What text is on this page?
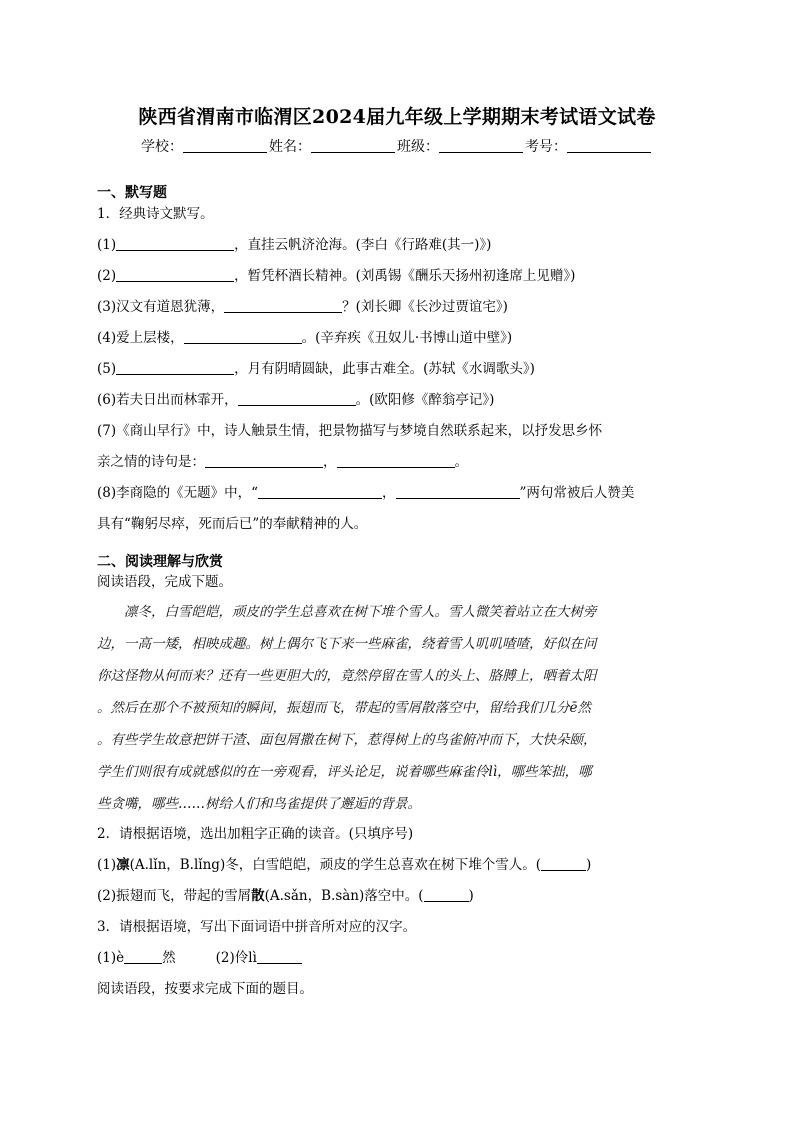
陕西省渭南市临渭区2024届九年级上学期期末考试语文试卷
学校：	姓名：	班级：	考号：
一、默写题
1．经典诗文默写。
(1)	，直挂云帆济沧海。(李白《行路难(其一)》)
(2)	，暂凭杯酒长精神。(刘禹锡《酬乐天扬州初逢席上见赠》)
(3)汉文有道恩犹薄，	？(刘长卿《长沙过贾谊宅》)
(4)爱上层楼，	。(辛弃疾《丑奴儿·书博山道中壁》)
(5)	，月有阴晴圆缺，此事古难全。(苏轼《水调歌头》)
(6)若夫日出而林霏开，	。(欧阳修《醉翁亭记》)
(7)《商山早行》中，诗人触景生情，把景物描写与梦境自然联系起来，以抒发思乡怀
亲之情的诗句是：	，	。
(8)李商隐的《无题》中，“	，	”两句常被后人赞美
具有“鞠躬尽瘁，死而后已”的奉献精神的人。
二、阅读理解与欣赏
阅读语段，完成下题。
　　凛冬，白雪皑皑，顽皮的学生总喜欢在树下堆个雪人。雪人微笑着站立在大树旁
边，一高一矮，相映成趣。树上偶尔飞下来一些麻雀，绕着雪人叽叽喳喳，好似在问
你这怪物从何而来？还有一些更胆大的，竟然停留在雪人的头上、胳膊上，晒着太阳
。然后在那个不被预知的瞬间，振翅而飞，带起的雪屑散落空中，留给我们几分ē然
。有些学生故意把饼干渣、面包屑撒在树下，惹得树上的鸟雀俯冲而下，大快朵颐，
学生们则很有成就感似的在一旁观看，评头论足，说着哪些麻雀伶lì，哪些笨拙，哪
些贪嘴，哪些……树给人们和鸟雀提供了邂逅的背景。
2．请根据语境，选出加粗字正确的读音。(只填序号)
(1)凛(A.lǐn，B.lǐng)冬，白雪皑皑，顽皮的学生总喜欢在树下堆个雪人。(	)
(2)振翅而飞，带起的雪屑散(A.sǎn，B.sàn)落空中。(	)
3．请根据语境，写出下面词语中拼音所对应的汉字。
(1)è	然	(2)伶lì
阅读语段，按要求完成下面的题目。
